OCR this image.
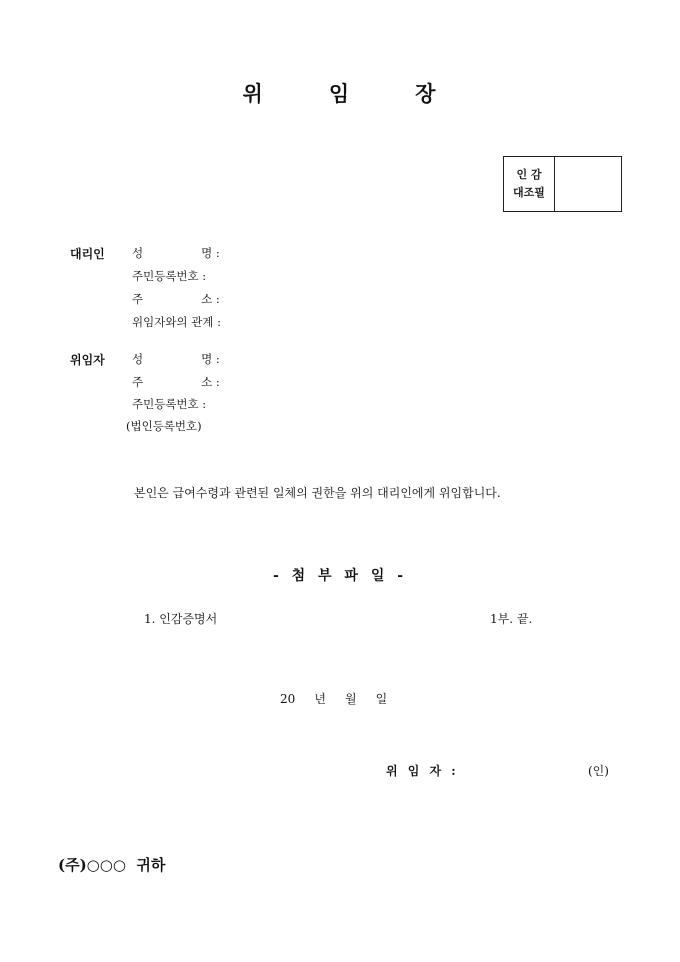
위	임	장
인 감
대조필
대리인 성	명 :
주민등록번호 :
주	소 :
위임자와의 관계 :
위임자 성	명 :
주	소 :
주민등록번호 :
(법인등록번호)
본인은 급여수령과 관련된 일체의 권한을 위의 대리인에게 위임합니다.
- 첨 부 파 일 -
1. 인감증명서	1부. 끝.
20     년     월     일
위 임 자 :	(인)
(주)○○○  귀하
